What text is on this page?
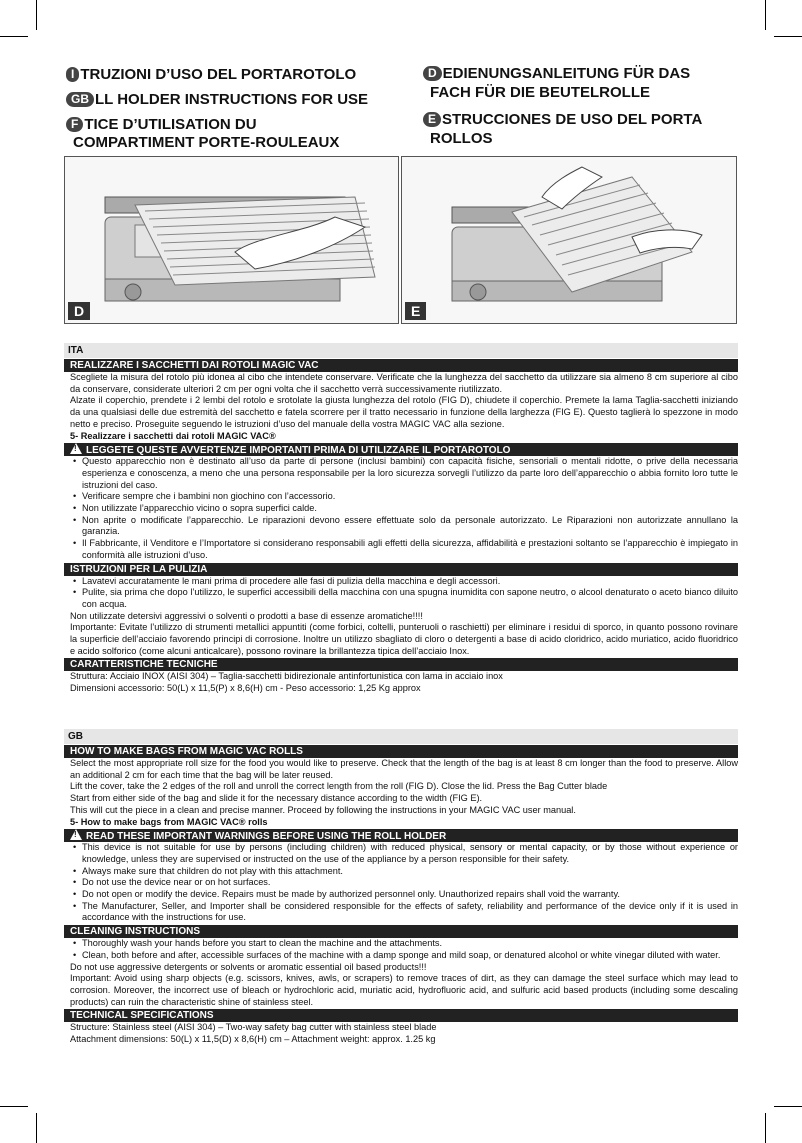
I TRUZIONI D’USO DEL PORTAROTOLO
GB LL HOLDER INSTRUCTIONS FOR USE
F TICE D’UTILISATION DU
COMPARTIMENT PORTE-ROULEAUX
D EDIENUNGSANLEITUNG FÜR DAS
FACH FÜR DIE BEUTELROLLE
E STRUCCIONES DE USO DEL PORTA
ROLLOS
D	E
ITA
REALIZZARE I SACCHETTI DAI ROTOLI MAGIC VAC
Scegliete la misura del rotolo più idonea al cibo che intendete conservare. Verificate che la lunghezza del sacchetto da utilizzare sia almeno 8 cm superiore al cibo da conservare, considerate ulteriori 2 cm per ogni volta che il sacchetto verrà successivamente riutilizzato.
Alzate il coperchio, prendete i 2 lembi del rotolo e srotolate la giusta lunghezza del rotolo (FIG D), chiudete il coperchio. Premete la lama Taglia-sacchetti iniziando da una qualsiasi delle due estremità del sacchetto e fatela scorrere per il tratto necessario in funzione della larghezza (FIG E). Questo taglierà lo spezzone in modo netto e preciso. Proseguite seguendo le istruzioni d’uso del manuale della vostra MAGIC VAC alla sezione.
5- Realizzare i sacchetti dai rotoli MAGIC VAC®
!LEGGETE QUESTE AVVERTENZE IMPORTANTI PRIMA DI UTILIZZARE IL PORTAROTOLO
• Questo apparecchio non è destinato all’uso da parte di persone (inclusi bambini) con capacità fisiche, sensoriali o mentali ridotte, o prive della necessaria esperienza e conoscenza, a meno che una persona responsabile per la loro sicurezza sorvegli l’utilizzo da parte loro dell’apparecchio o abbia fornito loro tutte le istruzioni del caso.
• Verificare sempre che i bambini non giochino con l’accessorio.
• Non utilizzate l’apparecchio vicino o sopra superfici calde.
• Non aprite o modificate l’apparecchio. Le riparazioni devono essere effettuate solo da personale autorizzato. Le Riparazioni non autorizzate annullano la garanzia.
• Il Fabbricante, il Venditore e l’Importatore si considerano responsabili agli effetti della sicurezza, affidabilità e prestazioni soltanto se l’apparecchio è impiegato in conformità alle istruzioni d’uso.
ISTRUZIONI PER LA PULIZIA
• Lavatevi accuratamente le mani prima di procedere alle fasi di pulizia della macchina e degli accessori.
• Pulite, sia prima che dopo l’utilizzo, le superfici accessibili della macchina con una spugna inumidita con sapone neutro, o alcool denaturato o aceto bianco diluito con acqua.
Non utilizzate detersivi aggressivi o solventi o prodotti a base di essenze aromatiche!!!!
Importante: Evitate l’utilizzo di strumenti metallici appuntiti (come forbici, coltelli, punteruoli o raschietti) per eliminare i residui di sporco, in quanto possono rovinare la superficie dell’acciaio favorendo principi di corrosione. Inoltre un utilizzo sbagliato di cloro o detergenti a base di acido cloridrico, acido muriatico, acido fluoridrico e acido solforico (come alcuni anticalcare), possono rovinare la brillantezza tipica dell’acciaio Inox.
CARATTERISTICHE TECNICHE
Struttura: Acciaio INOX (AISI 304) – Taglia-sacchetti bidirezionale antinfortunistica con lama in acciaio inox
Dimensioni accessorio: 50(L) x 11,5(P) x 8,6(H) cm - Peso accessorio: 1,25 Kg approx
GB
HOW TO MAKE BAGS FROM MAGIC VAC ROLLS
Select the most appropriate roll size for the food you would like to preserve. Check that the length of the bag is at least 8 cm longer than the food to preserve. Allow an additional 2 cm for each time that the bag will be later reused.
Lift the cover, take the 2 edges of the roll and unroll the correct length from the roll (FIG D). Close the lid. Press the Bag Cutter blade
Start from either side of the bag and slide it for the necessary distance according to the width (FIG E).
This will cut the piece in a clean and precise manner. Proceed by following the instructions in your MAGIC VAC user manual.
5- How to make bags from MAGIC VAC® rolls
!READ THESE IMPORTANT WARNINGS BEFORE USING THE ROLL HOLDER
• This device is not suitable for use by persons (including children) with reduced physical, sensory or mental capacity, or by those without experience or knowledge, unless they are supervised or instructed on the use of the appliance by a person responsible for their safety.
• Always make sure that children do not play with this attachment.
• Do not use the device near or on hot surfaces.
• Do not open or modify the device. Repairs must be made by authorized personnel only. Unauthorized repairs shall void the warranty.
• The Manufacturer, Seller, and Importer shall be considered responsible for the effects of safety, reliability and performance of the device only if it is used in accordance with the instructions for use.
CLEANING INSTRUCTIONS
• Thoroughly wash your hands before you start to clean the machine and the attachments.
• Clean, both before and after, accessible surfaces of the machine with a damp sponge and mild soap, or denatured alcohol or white vinegar diluted with water.
Do not use aggressive detergents or solvents or aromatic essential oil based products!!!
Important: Avoid using sharp objects (e.g. scissors, knives, awls, or scrapers) to remove traces of dirt, as they can damage the steel surface which may lead to corrosion. Moreover, the incorrect use of bleach or hydrochloric acid, muriatic acid, hydrofluoric acid, and sulfuric acid based products (including some descaling products) can ruin the characteristic shine of stainless steel.
TECHNICAL SPECIFICATIONS
Structure: Stainless steel (AISI 304) – Two-way safety bag cutter with stainless steel blade
Attachment dimensions: 50(L) x 11,5(D) x 8,6(H) cm – Attachment weight: approx. 1.25 kg
